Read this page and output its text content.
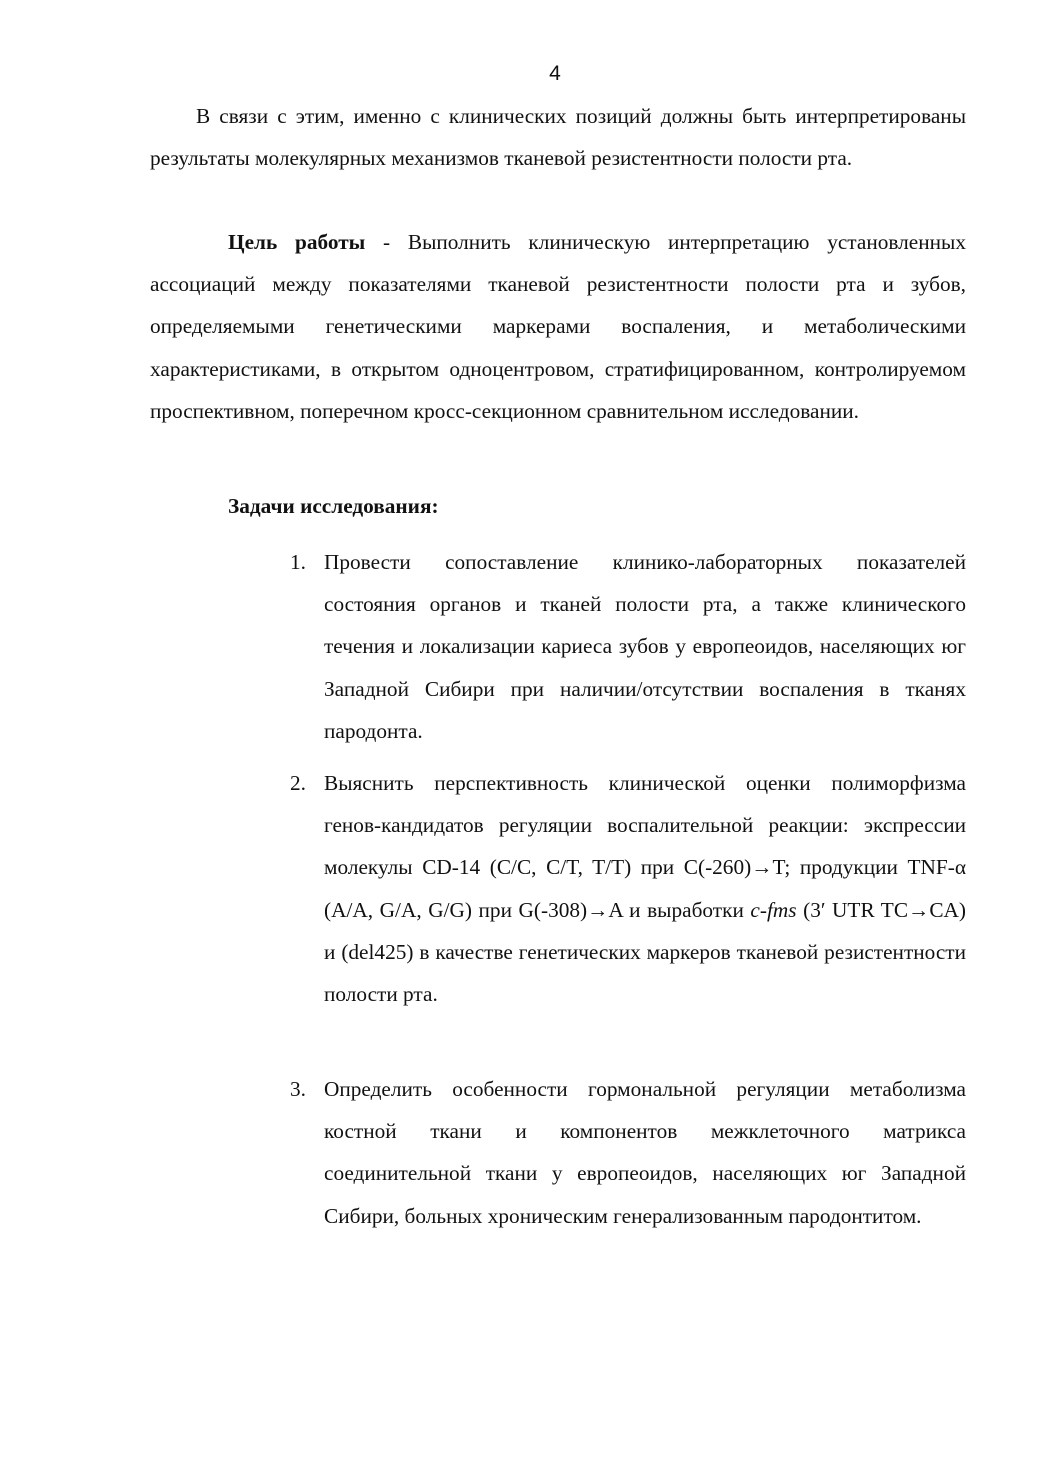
4

В связи с этим, именно с клинических позиций должны быть интерпретированы результаты молекулярных механизмов тканевой резистентности полости рта.

Цель работы - Выполнить клиническую интерпретацию установленных ассоциаций между показателями тканевой резистентности полости рта и зубов, определяемыми генетическими маркерами воспаления, и метаболическими характеристиками, в открытом одноцентровом, стратифицированном, контролируемом проспективном, поперечном кросс-секционном сравнительном исследовании.

Задачи исследования:
1. Провести сопоставление клинико-лабораторных показателей состояния органов и тканей полости рта, а также клинического течения и локализации кариеса зубов у европеоидов, населяющих юг Западной Сибири при наличии/отсутствии воспаления в тканях пародонта.
2. Выяснить перспективность клинической оценки полиморфизма генов-кандидатов регуляции воспалительной реакции: экспрессии молекулы CD-14 (C/C, C/T, T/T) при C(-260)→T; продукции TNF-α (A/A, G/A, G/G) при G(-308)→A и выработки c-fms (3′ UTR TC→CA) и (del425) в качестве генетических маркеров тканевой резистентности полости рта.
3. Определить особенности гормональной регуляции метаболизма костной ткани и компонентов межклеточного матрикса соединительной ткани у европеоидов, населяющих юг Западной Сибири, больных хроническим генерализованным пародонтитом.
